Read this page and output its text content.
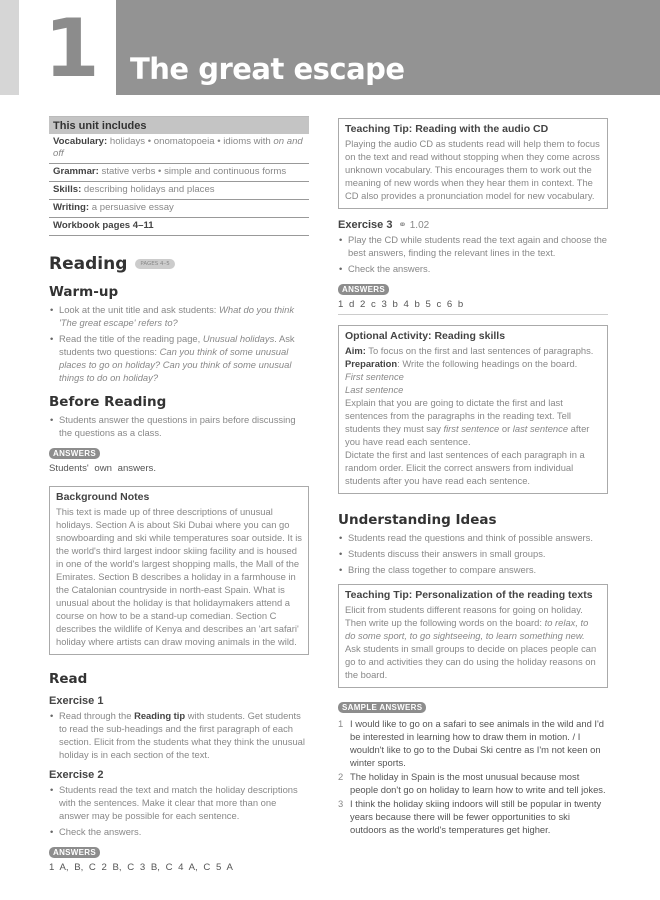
1 The great escape
This unit includes
Vocabulary: holidays • onomatopoeia • idioms with on and off
Grammar: stative verbs • simple and continuous forms
Skills: describing holidays and places
Writing: a persuasive essay
Workbook pages 4–11
Reading	PAGES 4–5
Warm-up
• Look at the unit title and ask students: What do you think 'The great escape' refers to?
• Read the title of the reading page, Unusual holidays. Ask students two questions: Can you think of some unusual places to go on holiday? Can you think of some unusual things to do on holiday?
Before Reading
• Students answer the questions in pairs before discussing the questions as a class.
ANSWERS
Students' own answers.
Background Notes

This text is made up of three descriptions of unusual holidays. Section A is about Ski Dubai where you can go snowboarding and ski while temperatures soar outside. It is the world's third largest indoor skiing facility and is housed in one of the world's largest shopping malls, the Mall of the Emirates. Section B describes a holiday in a farmhouse in the Catalonian countryside in north-east Spain. What is unusual about the holiday is that holidaymakers attend a course on how to be a stand-up comedian. Section C describes the wildlife of Kenya and describes an 'art safari' holiday where artists can draw moving animals in the wild.

Read
Exercise 1
• Read through the Reading tip with students. Get students to read the sub-headings and the first paragraph of each section. Elicit from the students what they think the unusual holiday is in each section of the text.
Exercise 2
• Students read the text and match the holiday descriptions with the sentences. Make it clear that more than one answer may be possible for each sentence.
• Check the answers.
ANSWERS
1 A, B, C 2 B, C 3 B, C 4 A, C 5 A
Teaching Tip: Reading with the audio CD

Playing the audio CD as students read will help them to focus on the text and read without stopping when they come across unknown vocabulary. This encourages them to work out the meaning of new words when they hear them in context. The CD also provides a pronunciation model for new vocabulary.

Exercise 3  ⚭ 1.02
• Play the CD while students read the text again and choose the best answers, finding the relevant lines in the text.
• Check the answers.
ANSWERS
1 d 2 c 3 b 4 b 5 c 6 b
Optional Activity: Reading skills

Aim: To focus on the first and last sentences of paragraphs.

Preparation: Write the following headings on the board.

First sentence

Last sentence

Explain that you are going to dictate the first and last sentences from the paragraphs in the reading text. Tell students they must say first sentence or last sentence after you have read each sentence.

Dictate the first and last sentences of each paragraph in a random order. Elicit the correct answers from individual students after you have read each sentence.

Understanding Ideas
• Students read the questions and think of possible answers.
• Students discuss their answers in small groups.
• Bring the class together to compare answers.
Teaching Tip: Personalization of the reading texts

Elicit from students different reasons for going on holiday. Then write up the following words on the board: to relax, to do some sport, to go sightseeing, to learn something new. Ask students in small groups to decide on places people can go to and activities they can do using the holiday reasons on the board.

SAMPLE ANSWERS
1 I would like to go on a safari to see animals in the wild and I'd be interested in learning how to draw them in motion. / I wouldn't like to go to the Dubai Ski centre as I'm not keen on winter sports.
2 The holiday in Spain is the most unusual because most people don't go on holiday to learn how to write and tell jokes.
3 I think the holiday skiing indoors will still be popular in twenty years because there will be fewer opportunities to ski outdoors as the world's temperatures get higher.
